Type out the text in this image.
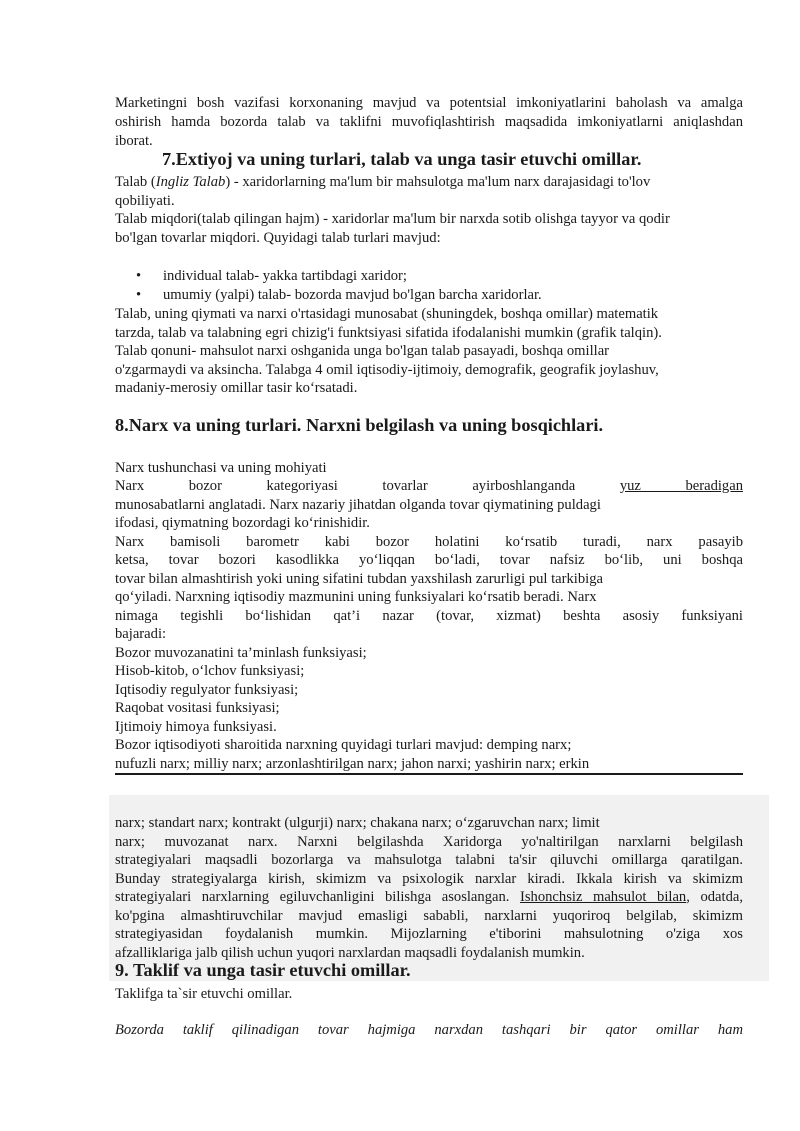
Marketingni bosh vazifasi korxonaning mavjud va potentsial imkoniyatlarini baholash va amalga

oshirish hamda bozorda talab va taklifni muvofiqlashtirish maqsadida imkoniyatlarni aniqlashdan

iborat.

7.Extiyoj va uning turlari, talab va unga tasir etuvchi omillar.

Talab (Ingliz Talab) - xaridorlarning ma'lum bir mahsulotga ma'lum narx darajasidagi to'lov

qobiliyati.

Talab miqdori(talab qilingan hajm) - xaridorlar ma'lum bir narxda sotib olishga tayyor va qodir

bo'lgan tovarlar miqdori. Quyidagi talab turlari mavjud:

• individual talab- yakka tartibdagi xaridor;
• umumiy (yalpi) talab- bozorda mavjud bo'lgan barcha xaridorlar.

Talab, uning qiymati va narxi o'rtasidagi munosabat (shuningdek, boshqa omillar) matematik

tarzda, talab va talabning egri chizig'i funktsiyasi sifatida ifodalanishi mumkin (grafik talqin).

Talab qonuni- mahsulot narxi oshganida unga bo'lgan talab pasayadi, boshqa omillar

o'zgarmaydi va aksincha. Talabga 4 omil iqtisodiy-ijtimoiy, demografik, geografik joylashuv,

madaniy-merosiy omillar tasir ko‘rsatadi.

8.Narx va uning turlari. Narxni belgilash va uning bosqichlari.

Narx tushunchasi va uning mohiyati

Narx bozor kategoriyasi tovarlar ayirboshlanganda yuz beradigan

munosabatlarni anglatadi. Narx nazariy jihatdan olganda tovar qiymatining puldagi

ifodasi, qiymatning bozordagi ko‘rinishidir.

Narx bamisoli barometr kabi bozor holatini ko‘rsatib turadi, narx pasayib

ketsa, tovar bozori kasodlikka yo‘liqqan bo‘ladi, tovar nafsiz bo‘lib, uni boshqa

tovar bilan almashtirish yoki uning sifatini tubdan yaxshilash zarurligi pul tarkibiga

qo‘yiladi. Narxning iqtisodiy mazmunini uning funksiyalari ko‘rsatib beradi. Narx

nimaga tegishli bo‘lishidan qat’i nazar (tovar, xizmat) beshta asosiy funksiyani

bajaradi:

Bozor muvozanatini ta’minlash funksiyasi;

Hisob-kitob, o‘lchov funksiyasi;

Iqtisodiy regulyator funksiyasi;

Raqobat vositasi funksiyasi;

Ijtimoiy himoya funksiyasi.

Bozor iqtisodiyoti sharoitida narxning quyidagi turlari mavjud: demping narx;

nufuzli narx; milliy narx; arzonlashtirilgan narx; jahon narxi; yashirin narx; erkin

narx; standart narx; kontrakt (ulgurji) narx; chakana narx; o‘zgaruvchan narx; limit

narx; muvozanat narx. Narxni belgilashda Xaridorga yo'naltirilgan narxlarni belgilash

strategiyalari maqsadli bozorlarga va mahsulotga talabni ta'sir qiluvchi omillarga qaratilgan.

Bunday strategiyalarga kirish, skimizm va psixologik narxlar kiradi. Ikkala kirish va skimizm

strategiyalari narxlarning egiluvchanligini bilishga asoslangan. Ishonchsiz mahsulot bilan, odatda,

ko'pgina almashtiruvchilar mavjud emasligi sababli, narxlarni yuqoriroq belgilab, skimizm

strategiyasidan foydalanish mumkin. Mijozlarning e'tiborini mahsulotning o'ziga xos

afzalliklariga jalb qilish uchun yuqori narxlardan maqsadli foydalanish mumkin.

9. Taklif va unga tasir etuvchi omillar.

Taklifga ta`sir etuvchi omillar.

Bozorda taklif qilinadigan tovar hajmiga narxdan tashqari bir qator omillar ham
